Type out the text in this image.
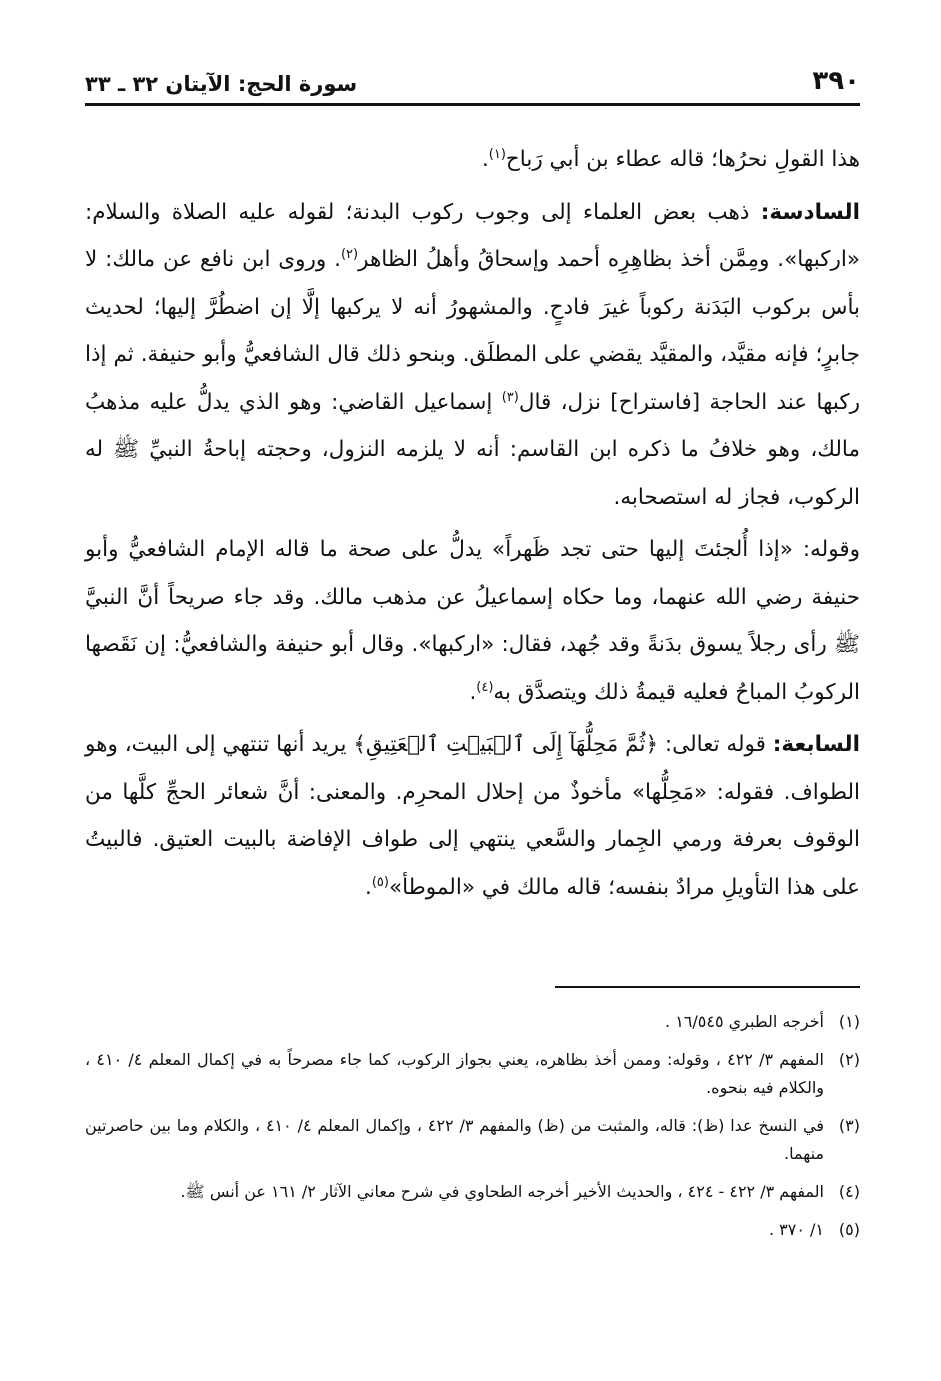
٣٩٠
سورة الحج: الآيتان ٣٢ ـ ٣٣

هذا القولِ نحرُها؛ قاله عطاء بن أبي رَباح$^{(١)}$.

السادسة: ذهب بعض العلماء إلى وجوب ركوب البدنة؛ لقوله عليه الصلاة والسلام: «اركبها». ومِمَّن أخذ بظاهِرِه أحمد وإسحاقُ وأهلُ الظاهر$^{(٢)}$. وروى ابن نافع عن مالك: لا بأس بركوب البَدَنة ركوباً غيرَ فادحٍ. والمشهورُ أنه لا يركبها إلَّا إن اضطُرَّ إليها؛ لحديث جابرٍ؛ فإنه مقيَّد، والمقيَّد يقضي على المطلَق. وبنحو ذلك قال الشافعيُّ وأبو حنيفة. ثم إذا ركبها عند الحاجة [فاستراح] نزل، قال$^{(٣)}$ إسماعيل القاضي: وهو الذي يدلُّ عليه مذهبُ مالك، وهو خلافُ ما ذكره ابن القاسم: أنه لا يلزمه النزول، وحجته إباحةُ النبيِّ ﷺ له الركوب، فجاز له استصحابه.

وقوله: «إذا أُلجئتَ إليها حتى تجد ظَهراً» يدلُّ على صحة ما قاله الإمام الشافعيُّ وأبو حنيفة رضي الله عنهما، وما حكاه إسماعيلُ عن مذهب مالك. وقد جاء صريحاً أنَّ النبيَّ ﷺ رأى رجلاً يسوق بدَنةً وقد جُهد، فقال: «اركبها». وقال أبو حنيفة والشافعيُّ: إن نَقَصها الركوبُ المباحُ فعليه قيمةُ ذلك ويتصدَّق به$^{(٤)}$.

السابعة: قوله تعالى: ﴿ثُمَّ مَحِلُّهَآ إِلَى ٱلۡبَيۡتِ ٱلۡعَتِيقِ﴾ يريد أنها تنتهي إلى البيت، وهو الطواف. فقوله: «مَحِلُّها» مأخوذٌ من إحلال المحرِم. والمعنى: أنَّ شعائر الحجِّ كلَّها من الوقوف بعرفة ورمي الجِمار والسَّعي ينتهي إلى طواف الإفاضة بالبيت العتيق. فالبيتُ على هذا التأويلِ مرادٌ بنفسه؛ قاله مالك في «الموطأ»$^{(٥)}$.

(١)
أخرجه الطبري ١٦/٥٤٥ .
(٢)
المفهم ٣/ ٤٢٢ ، وقوله: وممن أخذ بظاهره، يعني بجواز الركوب، كما جاء مصرحاً به في إكمال المعلم ٤/ ٤١٠ ، والكلام فيه بنحوه.
(٣)
في النسخ عدا (ظ): قاله، والمثبت من (ظ) والمفهم ٣/ ٤٢٢ ، وإكمال المعلم ٤/ ٤١٠ ، والكلام وما بين حاصرتين منهما.
(٤)
المفهم ٣/ ٤٢٢ - ٤٢٤ ، والحديث الأخير أخرجه الطحاوي في شرح معاني الآثار ٢/ ١٦١ عن أنس ﷺ.
(٥)
١/ ٣٧٠ .
